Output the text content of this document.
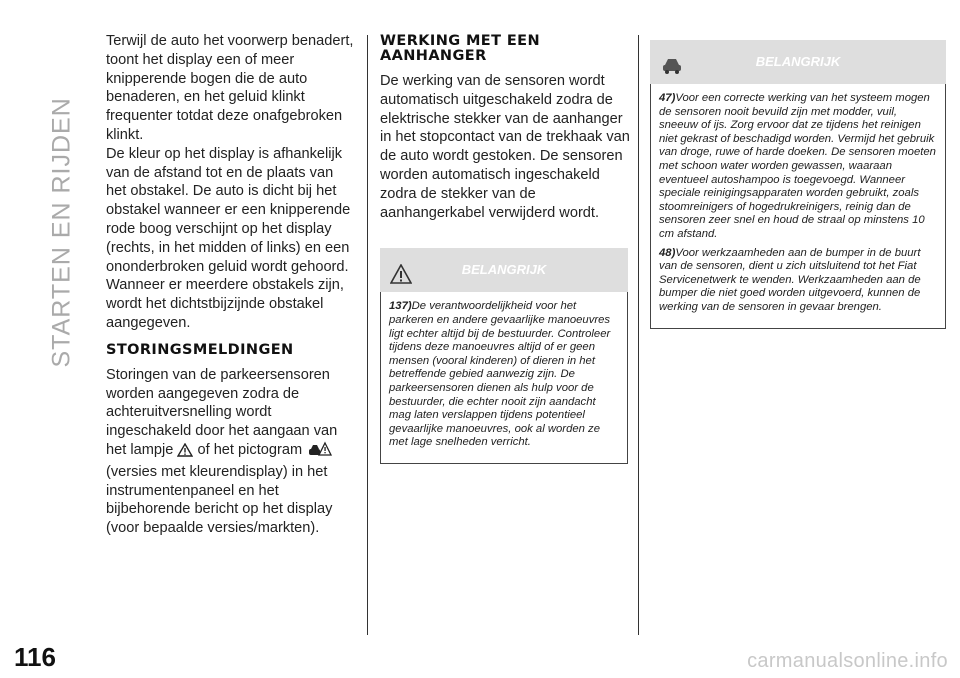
STARTEN EN RIJDEN
116

Terwijl de auto het voorwerp benadert, toont het display een of meer knipperende bogen die de auto benaderen, en het geluid klinkt frequenter totdat deze onafgebroken klinkt.

De kleur op het display is afhankelijk van de afstand tot en de plaats van het obstakel. De auto is dicht bij het obstakel wanneer er een knipperende rode boog verschijnt op het display (rechts, in het midden of links) en een ononderbroken geluid wordt gehoord. Wanneer er meerdere obstakels zijn, wordt het dichtstbijzijnde obstakel aangegeven.

STORINGSMELDINGEN

Storingen van de parkeersensoren worden aangegeven zodra de achteruitversnelling wordt ingeschakeld door het aangaan van het lampje of het pictogram  (versies met kleurendisplay) in het instrumentenpaneel en het bijbehorende bericht op het display (voor bepaalde versies/markten).

WERKING MET EEN AANHANGER

De werking van de sensoren wordt automatisch uitgeschakeld zodra de elektrische stekker van de aanhanger in het stopcontact van de trekhaak van de auto wordt gestoken. De sensoren worden automatisch ingeschakeld zodra de stekker van de aanhangerkabel verwijderd wordt.

BELANGRIJK

137)De verantwoordelijkheid voor het parkeren en andere gevaarlijke manoeuvres ligt echter altijd bij de bestuurder. Controleer tijdens deze manoeuvres altijd of er geen mensen (vooral kinderen) of dieren in het betreffende gebied aanwezig zijn. De parkeersensoren dienen als hulp voor de bestuurder, die echter nooit zijn aandacht mag laten verslappen tijdens potentieel gevaarlijke manoeuvres, ook al worden ze met lage snelheden verricht.

BELANGRIJK

47)Voor een correcte werking van het systeem mogen de sensoren nooit bevuild zijn met modder, vuil, sneeuw of ijs. Zorg ervoor dat ze tijdens het reinigen niet gekrast of beschadigd worden. Vermijd het gebruik van droge, ruwe of harde doeken. De sensoren moeten met schoon water worden gewassen, waaraan eventueel autoshampoo is toegevoegd. Wanneer speciale reinigingsapparaten worden gebruikt, zoals stoomreinigers of hogedrukreinigers, reinig dan de sensoren zeer snel en houd de straal op minstens 10 cm afstand.

48)Voor werkzaamheden aan de bumper in de buurt van de sensoren, dient u zich uitsluitend tot het Fiat Servicenetwerk te wenden. Werkzaamheden aan de bumper die niet goed worden uitgevoerd, kunnen de werking van de sensoren in gevaar brengen.

carmanualsonline.info
